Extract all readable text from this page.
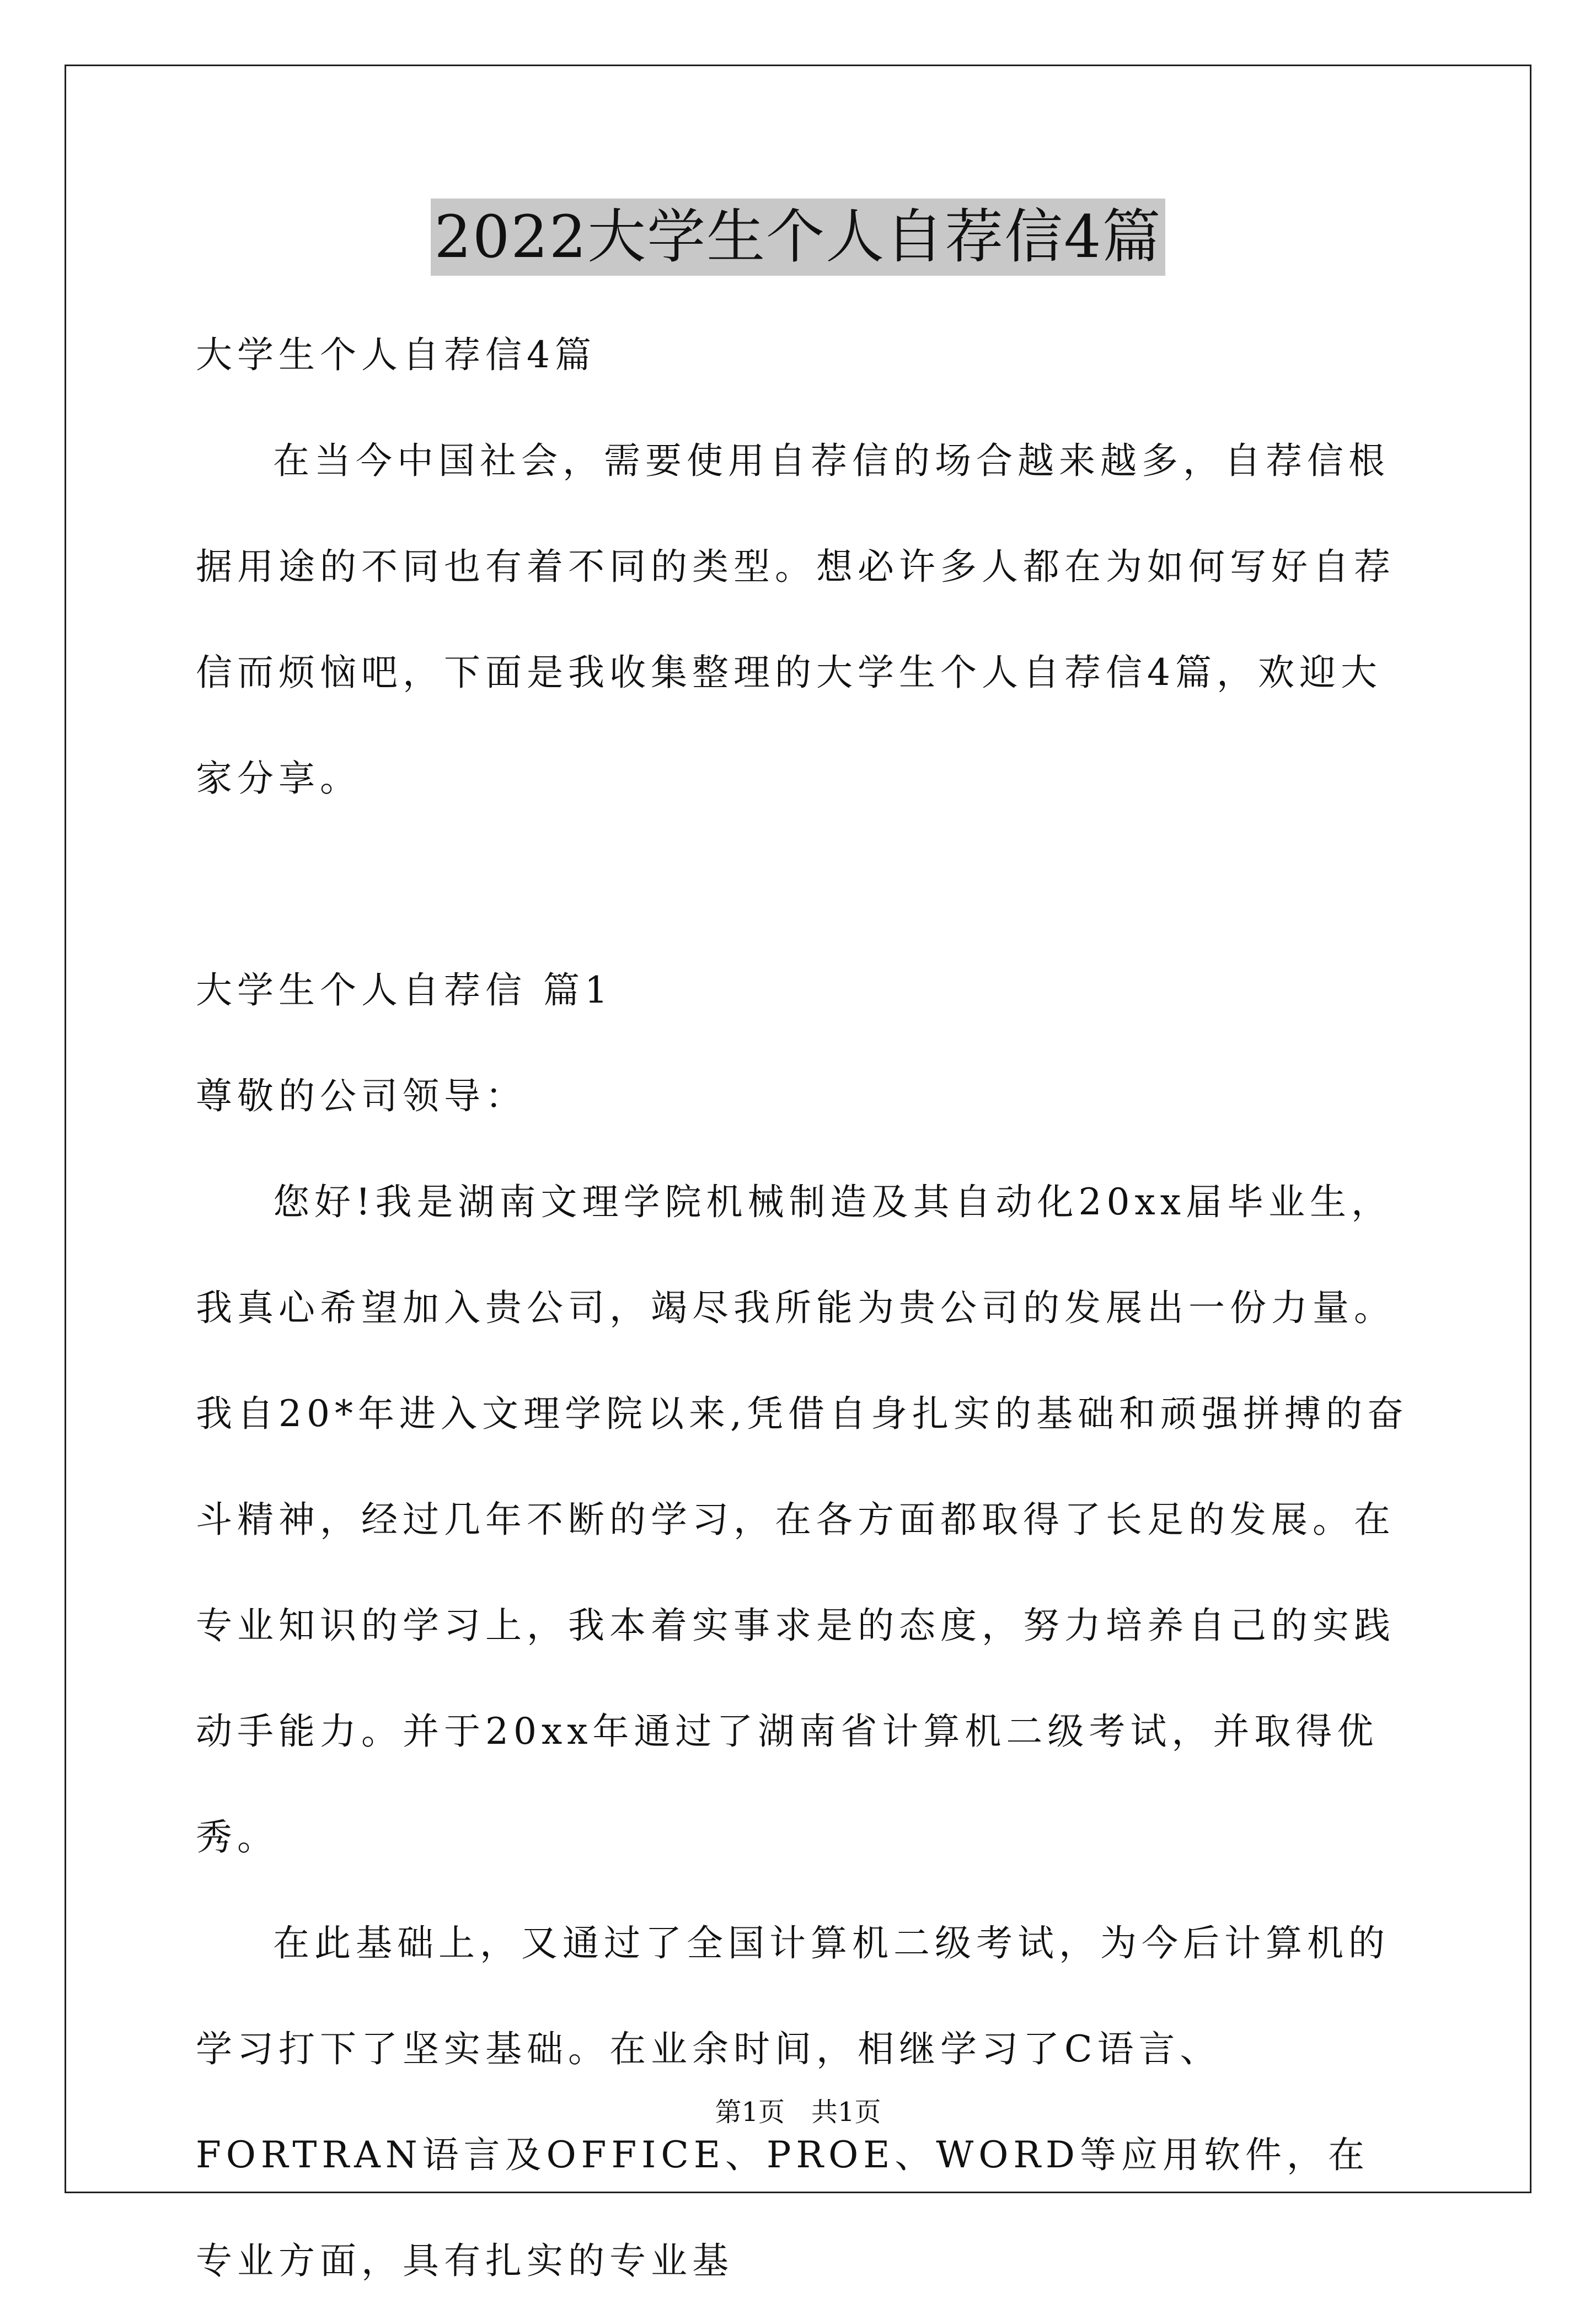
2022大学生个人自荐信4篇

大学生个人自荐信4篇

在当今中国社会，需要使用自荐信的场合越来越多，自荐信根据用途的不同也有着不同的类型。想必许多人都在为如何写好自荐信而烦恼吧，下面是我收集整理的大学生个人自荐信4篇，欢迎大家分享。

大学生个人自荐信 篇1

尊敬的公司领导：

您好!我是湖南文理学院机械制造及其自动化20xx届毕业生，我真心希望加入贵公司，竭尽我所能为贵公司的发展出一份力量。 我自20*年进入文理学院以来,凭借自身扎实的基础和顽强拼搏的奋斗精神，经过几年不断的学习，在各方面都取得了长足的发展。在专业知识的学习上，我本着实事求是的态度，努力培养自己的实践动手能力。并于20xx年通过了湖南省计算机二级考试，并取得优秀。

在此基础上，又通过了全国计算机二级考试，为今后计算机的学习打下了坚实基础。在业余时间，相继学习了C语言、FORTRAN语言及OFFICE、PROE、WORD等应用软件，在专业方面，具有扎实的专业基

第1页 共1页
